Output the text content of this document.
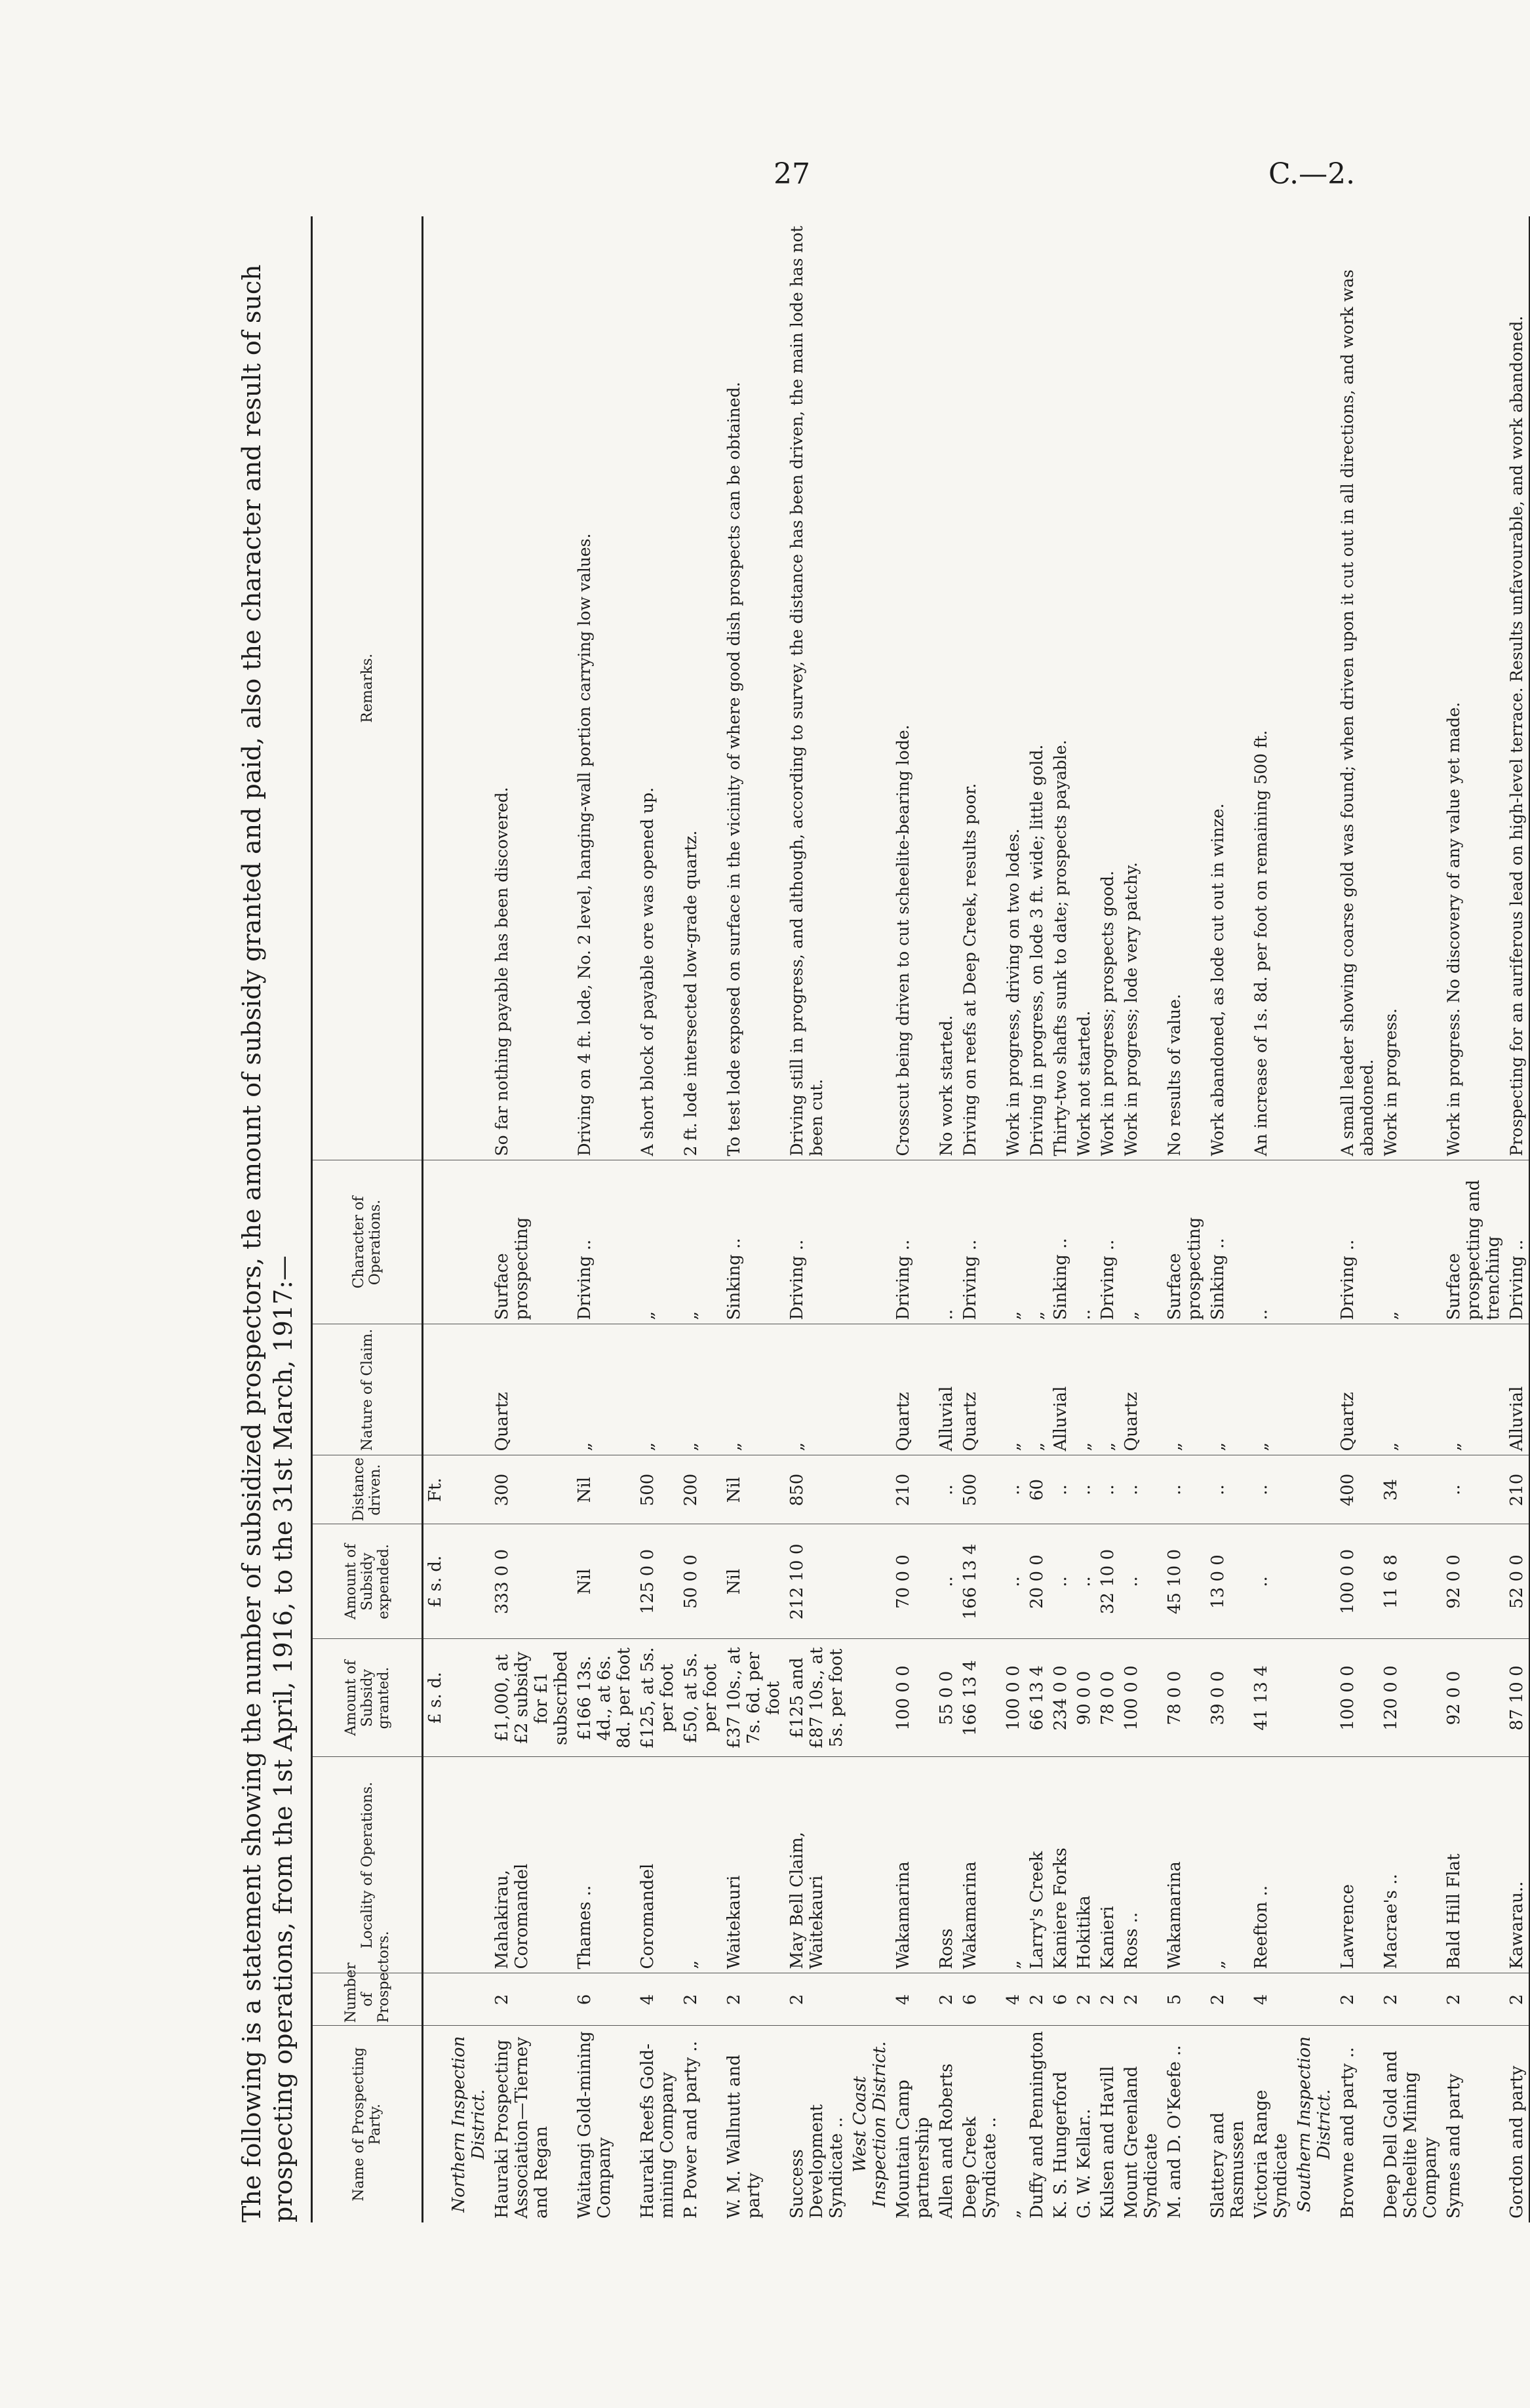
27	C.—2.

The following is a statement showing the number of subsidized prospectors, the amount of subsidy granted and paid, also the character and result of such prospecting operations, from the 1st April, 1916, to the 31st March, 1917:—	Name of Prospecting Party.	Number of Prospectors.	Locality of Operations.	Amount of Subsidy granted.	Amount of Subsidy expended.	Distance driven.	Nature of Claim.	Character of Operations.	Remarks.
			£ s. d.	£ s. d.	Ft.			
Northern Inspection District.								
Hauraki Prospecting Association—Tierney and Regan	2	Mahakirau, Coromandel	£1,000, at £2 subsidy for £1 subscribed	333 0 0	300	Quartz	Surface prospecting	So far nothing payable has been discovered.
Waitangi Gold-mining Company	6	Thames ..	£166 13s. 4d., at 6s. 8d. per foot	Nil	Nil	„	Driving ..	Driving on 4 ft. lode, No. 2 level, hanging-wall portion carrying low values.
Hauraki Reefs Gold-mining Company	4	Coromandel	£125, at 5s. per foot	125 0 0	500	„	„	A short block of payable ore was opened up.
P. Power and party ..	2	„	£50, at 5s. per foot	50 0 0	200	„	„	2 ft. lode intersected low-grade quartz.
W. M. Wallnutt and party	2	Waitekauri	£37 10s., at 7s. 6d. per foot	Nil	Nil	„	Sinking ..	To test lode exposed on surface in the vicinity of where good dish prospects can be obtained.
Success Development Syndicate ..	2	May Bell Claim, Waitekauri	£125 and £87 10s., at 5s. per foot	212 10 0	850	„	Driving ..	Driving still in progress, and although, according to survey, the distance has been driven, the main lode has not been cut.
West Coast Inspection District.								
Mountain Camp partnership	4	Wakamarina	100 0 0	70 0 0	210	Quartz	Driving ..	Crosscut being driven to cut scheelite-bearing lode.
Allen and Roberts	2	Ross	55 0 0	..	..	Alluvial	..	No work started.
Deep Creek Syndicate ..	6	Wakamarina	166 13 4	166 13 4	500	Quartz	Driving ..	Driving on reefs at Deep Creek, results poor.
„	4	„	100 0 0	..	..	„	„	Work in progress, driving on two lodes.
Duffy and Pennington	2	Larry's Creek	66 13 4	20 0 0	60	„	„	Driving in progress, on lode 3 ft. wide; little gold.
K. S. Hungerford	6	Kaniere Forks	234 0 0	..	..	Alluvial	Sinking ..	Thirty-two shafts sunk to date; prospects payable.
G. W. Kellar..	2	Hokitika	90 0 0	..	..	„	..	Work not started.
Kulsen and Havill	2	Kanieri	78 0 0	32 10 0	..	„	Driving ..	Work in progress; prospects good.
Mount Greenland Syndicate	2	Ross ..	100 0 0	..	..	Quartz	„	Work in progress; lode very patchy.
M. and D. O'Keefe ..	5	Wakamarina	78 0 0	45 10 0	..	„	Surface prospecting	No results of value.
Slattery and Rasmussen	2	„	39 0 0	13 0 0	..	„	Sinking ..	Work abandoned, as lode cut out in winze.
Victoria Range Syndicate	4	Reefton ..	41 13 4	..	..	„	..	An increase of 1s. 8d. per foot on remaining 500 ft.
Southern Inspection District.								
Browne and party ..	2	Lawrence	100 0 0	100 0 0	400	Quartz	Driving ..	A small leader showing coarse gold was found; when driven upon it cut out in all directions, and work was abandoned.
Deep Dell Gold and Scheelite Mining Company	2	Macrae's ..	120 0 0	11 6 8	34	„	„	Work in progress.
Symes and party	2	Bald Hill Flat	92 0 0	92 0 0	..	„	Surface prospecting and trenching	Work in progress. No discovery of any value yet made.
Gordon and party	2	Kawarau..	87 10 0	52 0 0	210	Alluvial	Driving ..	Prospecting for an auriferous lead on high-level terrace. Results unfavourable, and work abandoned.
